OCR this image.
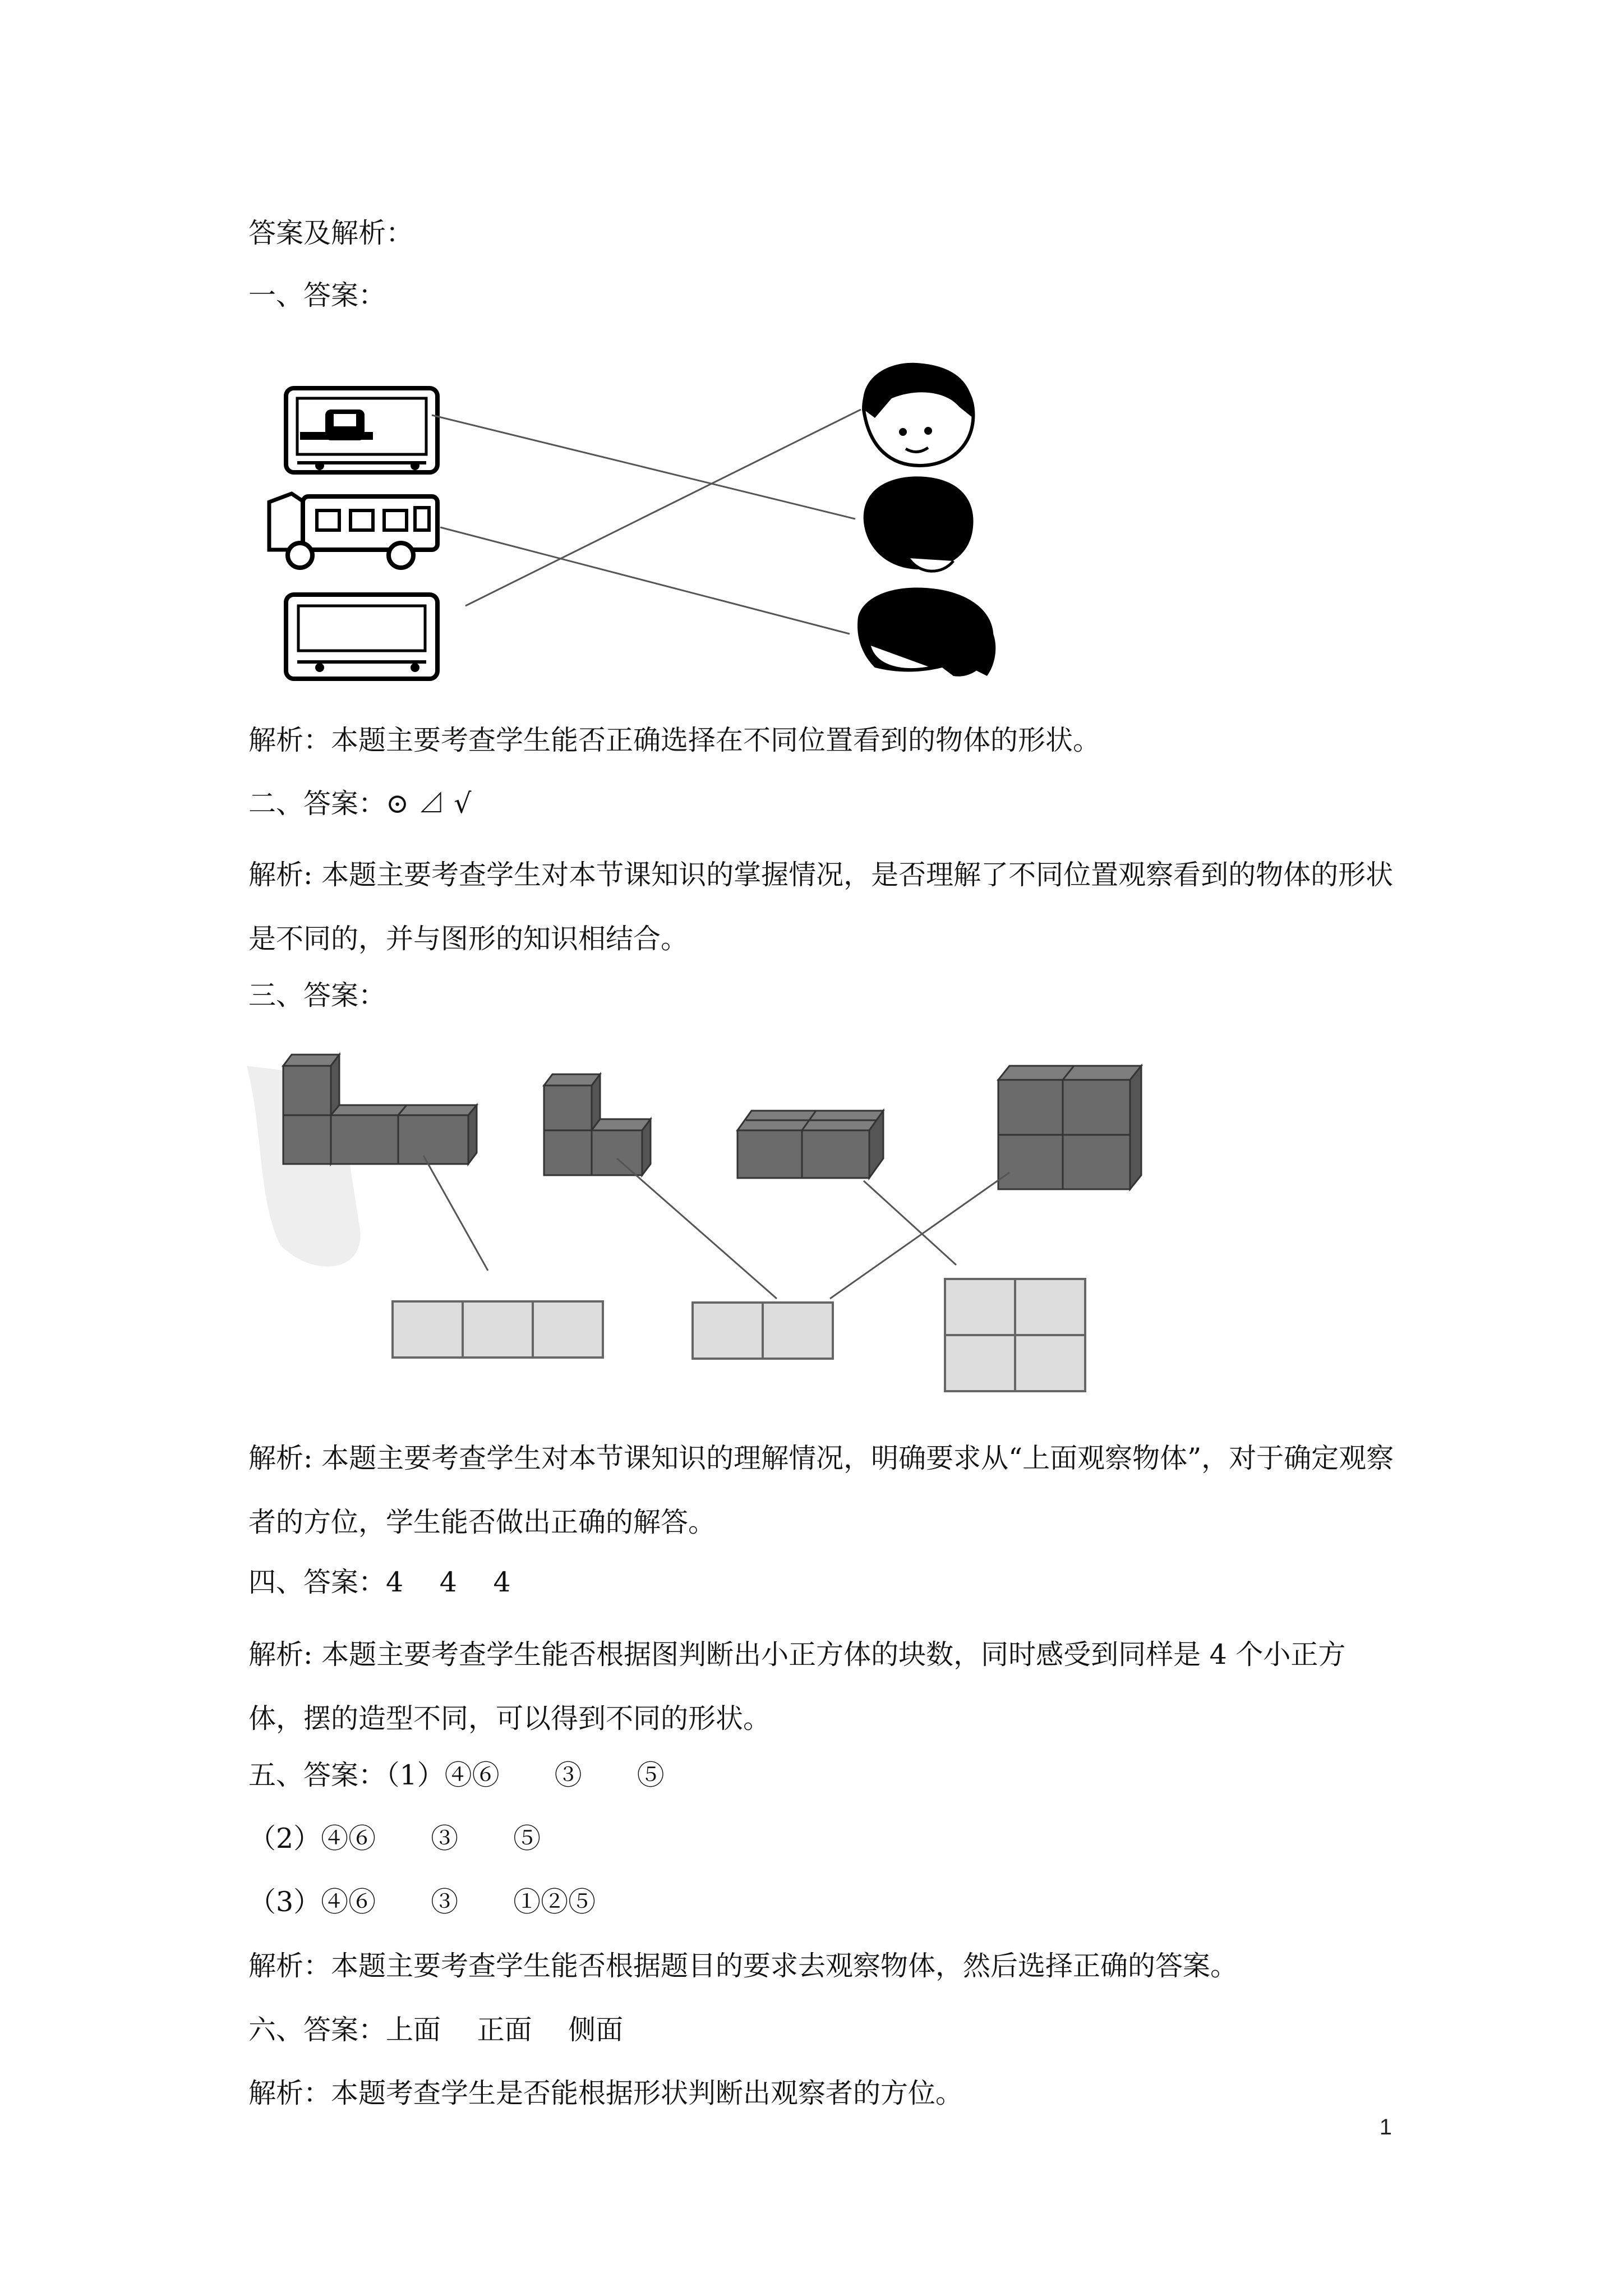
答案及解析：
一、答案：
解析：本题主要考查学生能否正确选择在不同位置看到的物体的形状。
二、答案：⊙ ⊿ √
解析: 本题主要考查学生对本节课知识的掌握情况，是否理解了不同位置观察看到的物体的形状是不同的，并与图形的知识相结合。
三、答案：
解析: 本题主要考查学生对本节课知识的理解情况，明确要求从“上面观察物体”，对于确定观察者的方位，学生能否做出正确的解答。
四、答案：4　 4　 4
解析: 本题主要考查学生能否根据图判断出小正方体的块数，同时感受到同样是 4 个小正方体，摆的造型不同，可以得到不同的形状。
五、答案：（1）④⑥　　③　　⑤
（2）④⑥　　③　　⑤
（3）④⑥　　③　　①②⑤
解析：本题主要考查学生能否根据题目的要求去观察物体，然后选择正确的答案。
六、答案：上面　 正面　 侧面
解析：本题考查学生是否能根据形状判断出观察者的方位。
1
